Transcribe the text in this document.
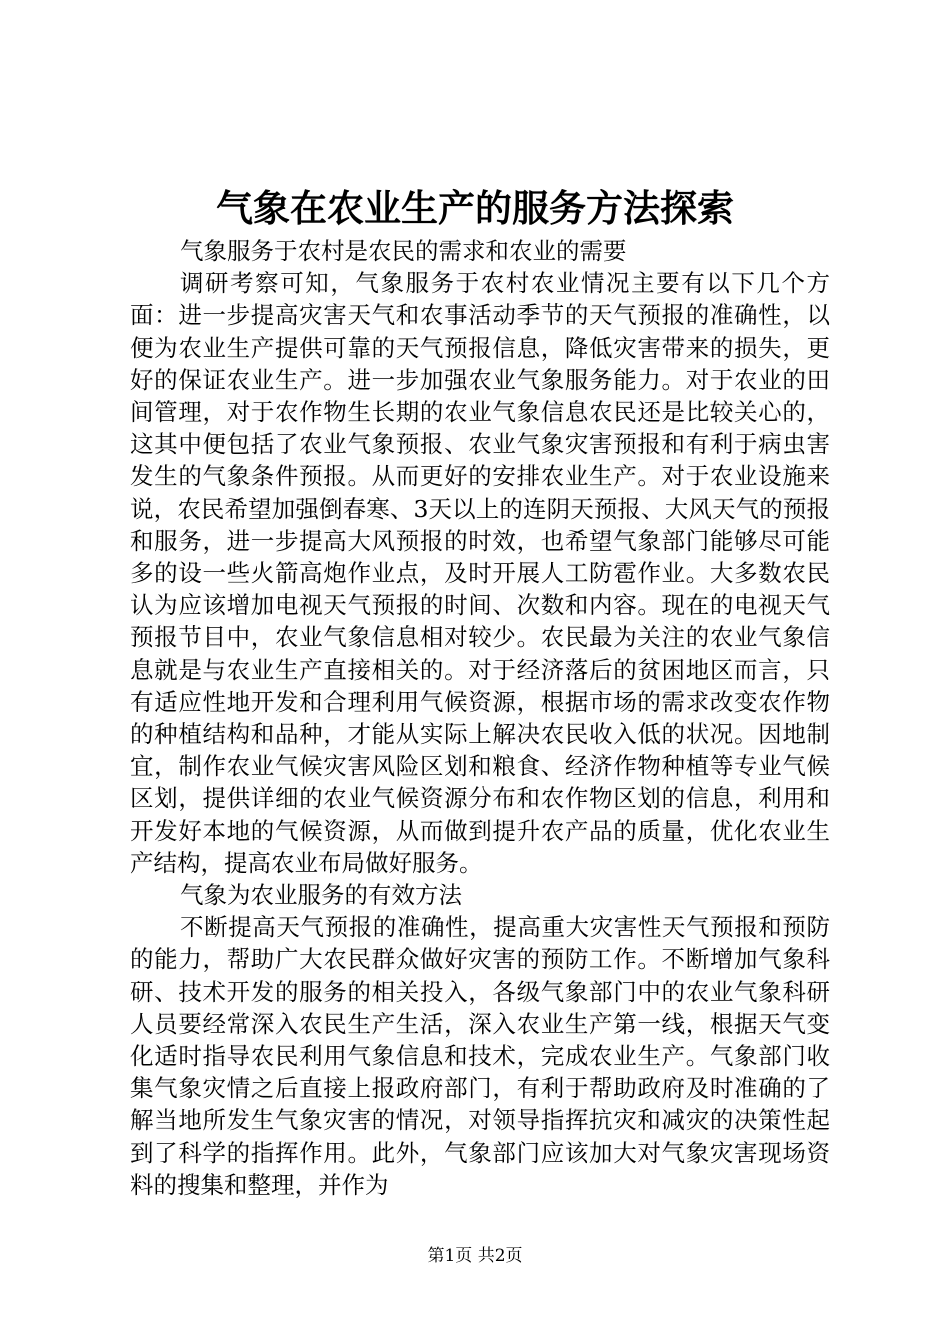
气象在农业生产的服务方法探索

气象服务于农村是农民的需求和农业的需要

调研考察可知，气象服务于农村农业情况主要有以下几个方面：进一步提高灾害天气和农事活动季节的天气预报的准确性，以便为农业生产提供可靠的天气预报信息，降低灾害带来的损失，更好的保证农业生产。进一步加强农业气象服务能力。对于农业的田间管理，对于农作物生长期的农业气象信息农民还是比较关心的，这其中便包括了农业气象预报、农业气象灾害预报和有利于病虫害发生的气象条件预报。从而更好的安排农业生产。对于农业设施来说，农民希望加强倒春寒、3天以上的连阴天预报、大风天气的预报和服务，进一步提高大风预报的时效，也希望气象部门能够尽可能多的设一些火箭高炮作业点，及时开展人工防雹作业。大多数农民认为应该增加电视天气预报的时间、次数和内容。现在的电视天气预报节目中，农业气象信息相对较少。农民最为关注的农业气象信息就是与农业生产直接相关的。对于经济落后的贫困地区而言，只有适应性地开发和合理利用气候资源，根据市场的需求改变农作物的种植结构和品种，才能从实际上解决农民收入低的状况。因地制宜，制作农业气候灾害风险区划和粮食、经济作物种植等专业气候区划，提供详细的农业气候资源分布和农作物区划的信息，利用和开发好本地的气候资源，从而做到提升农产品的质量，优化农业生产结构，提高农业布局做好服务。

气象为农业服务的有效方法

不断提高天气预报的准确性，提高重大灾害性天气预报和预防的能力，帮助广大农民群众做好灾害的预防工作。不断增加气象科研、技术开发的服务的相关投入，各级气象部门中的农业气象科研人员要经常深入农民生产生活，深入农业生产第一线，根据天气变化适时指导农民利用气象信息和技术，完成农业生产。气象部门收集气象灾情之后直接上报政府部门，有利于帮助政府及时准确的了解当地所发生气象灾害的情况，对领导指挥抗灾和减灾的决策性起到了科学的指挥作用。此外，气象部门应该加大对气象灾害现场资料的搜集和整理，并作为

第1页 共2页
